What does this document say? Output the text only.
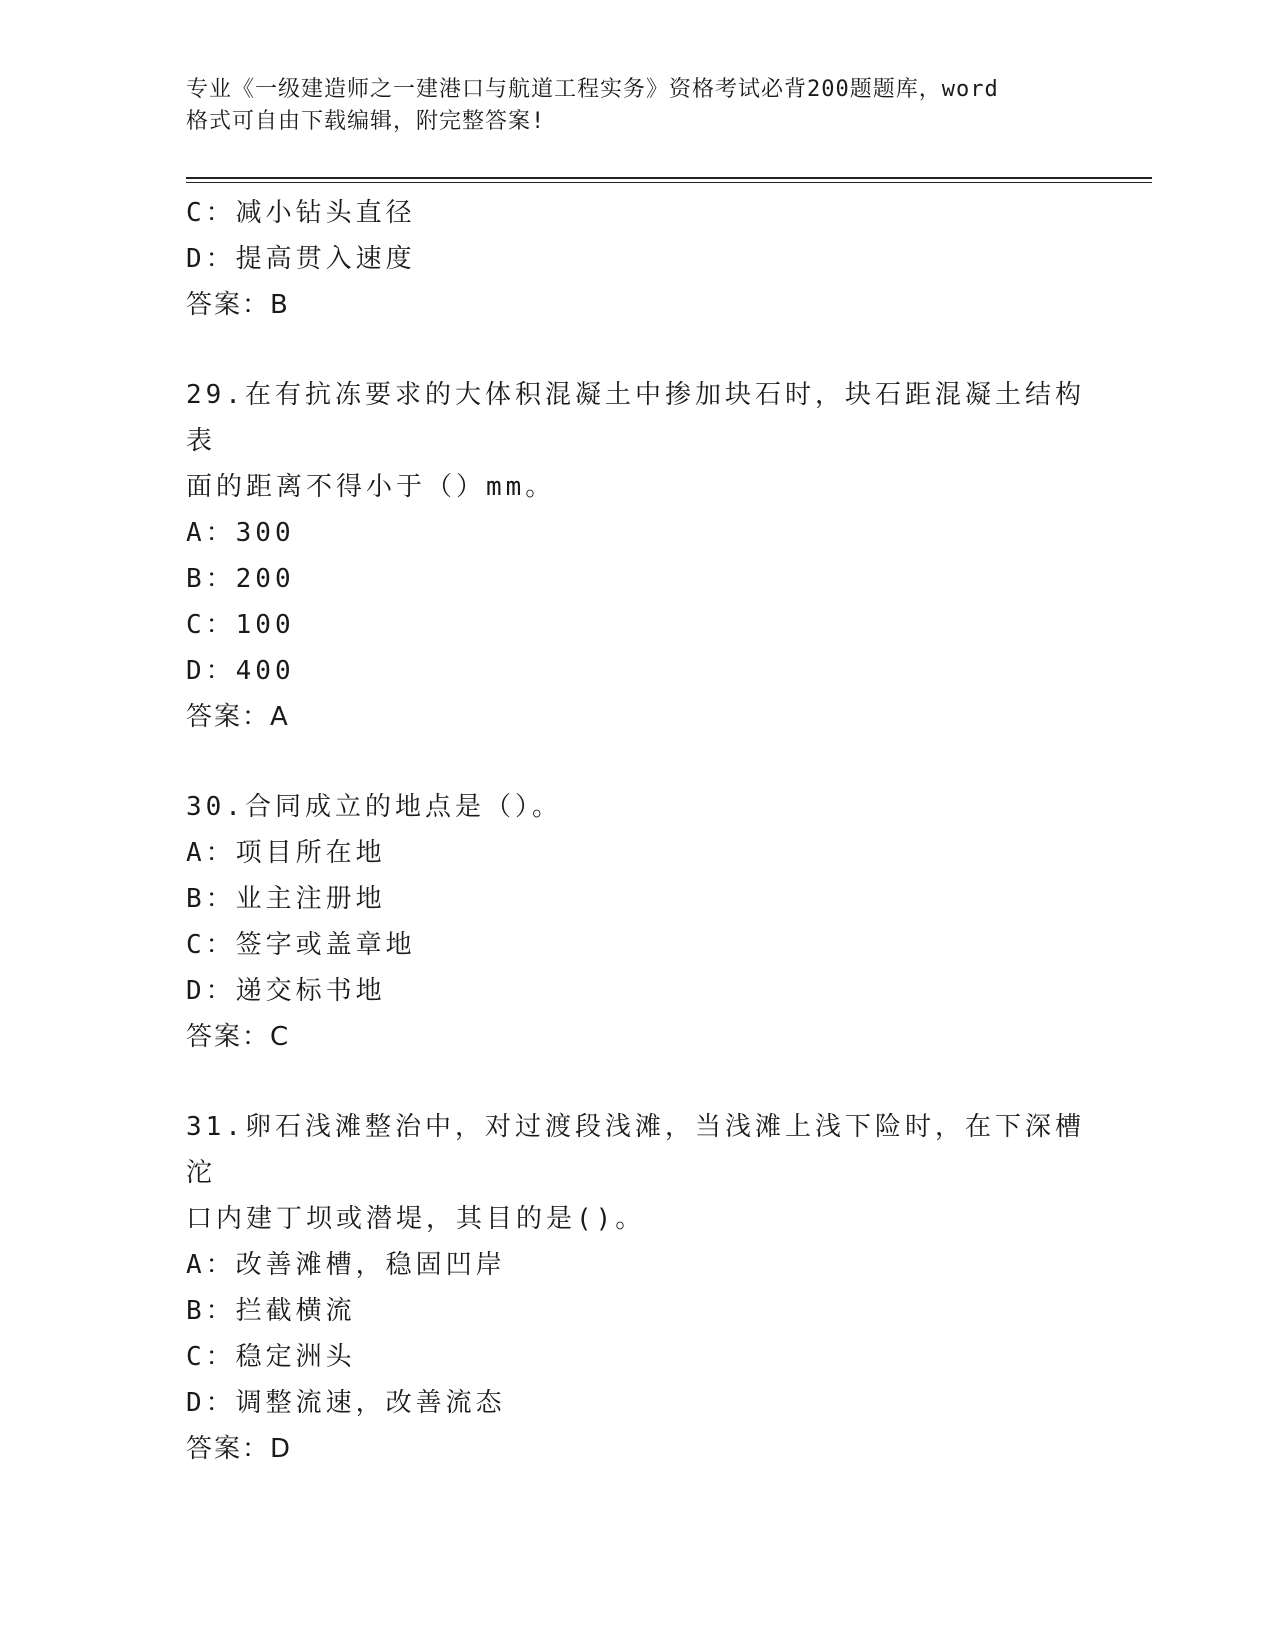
专业《一级建造师之一建港口与航道工程实务》资格考试必背200题题库，word
格式可自由下载编辑，附完整答案!
C：减小钻头直径
D：提高贯入速度
答案：B
29.在有抗冻要求的大体积混凝土中掺加块石时，块石距混凝土结构表
面的距离不得小于（）mm。
A：300
B：200
C：100
D：400
答案：A
30.合同成立的地点是（）。
A：项目所在地
B：业主注册地
C：签字或盖章地
D：递交标书地
答案：C
31.卵石浅滩整治中，对过渡段浅滩，当浅滩上浅下险时，在下深槽沱
口内建丁坝或潜堤，其目的是()。
A：改善滩槽，稳固凹岸
B：拦截横流
C：稳定洲头
D：调整流速，改善流态
答案：D
